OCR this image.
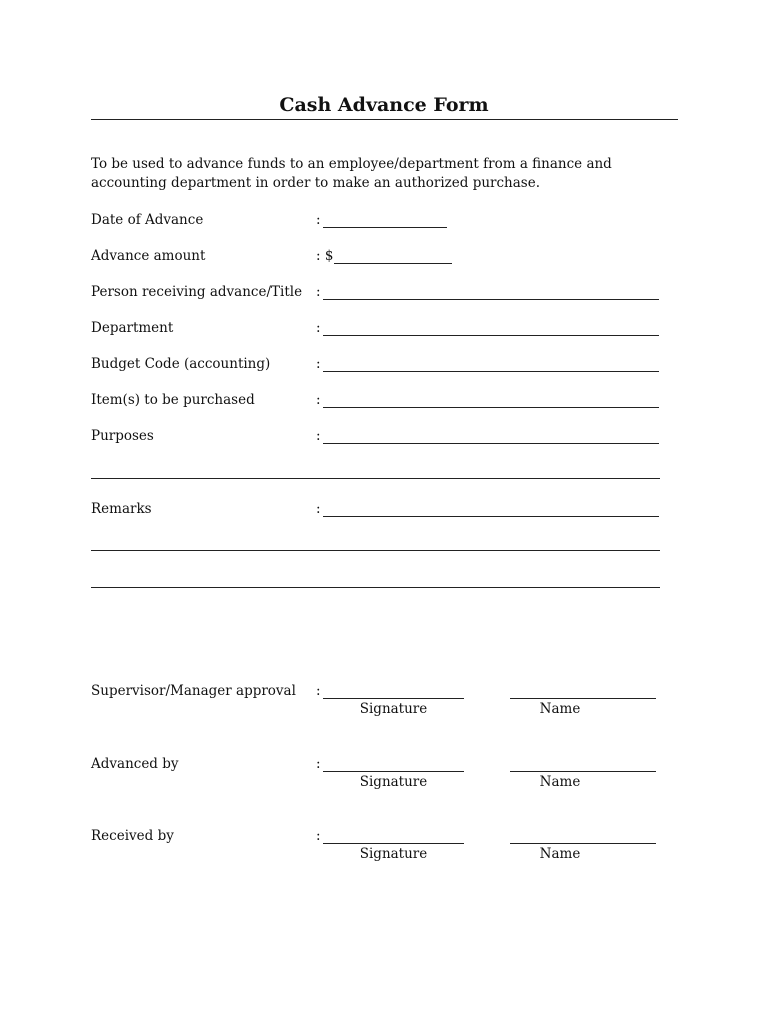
Cash Advance Form
To be used to advance funds to an employee/department from a finance and accounting department in order to make an authorized purchase.
Date of Advance	:
Advance amount	: $
Person receiving advance/Title :
Department	:
Budget Code (accounting)	:
Item(s) to be purchased	:
Purposes	:
Remarks	:
Supervisor/Manager approval :
Signature	Name
Advanced by	:
Signature	Name
Received by	:
Signature	Name
